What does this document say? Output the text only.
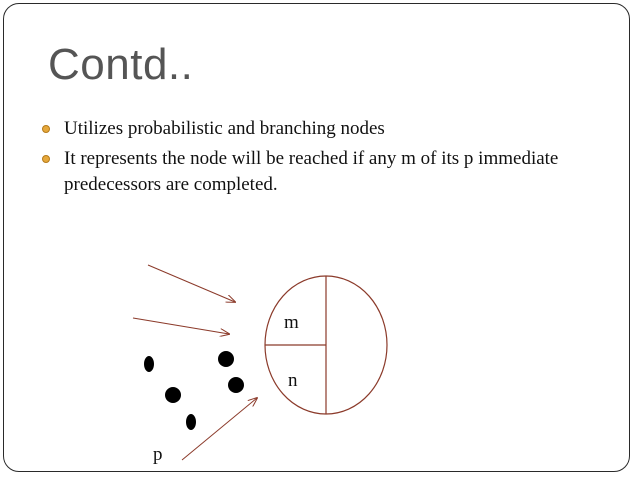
Contd..
Utilizes probabilistic and branching nodes
It represents the node will be reached if any m of its p immediate predecessors are completed.
m
n
p
